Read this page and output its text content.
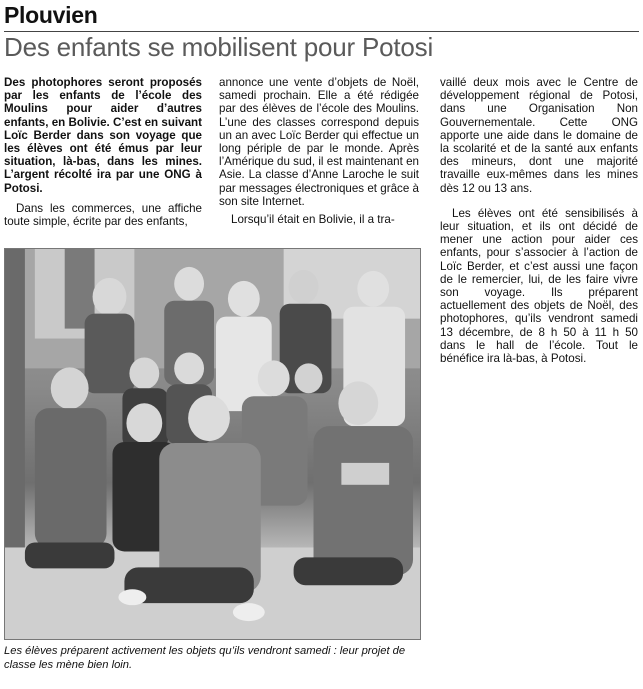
Plouvien
Des enfants se mobilisent pour Potosi

Des photophores seront proposés par les enfants de l’école des Moulins pour aider d’autres enfants, en Bolivie. C’est en suivant Loïc Berder dans son voyage que les élèves ont été émus par leur situation, là-bas, dans les mines. L’argent récolté ira par une ONG à Potosi.

Dans les commerces, une affiche toute simple, écrite par des enfants,

annonce une vente d’objets de Noël, samedi prochain. Elle a été rédigée par des élèves de l’école des Moulins. L’une des classes correspond depuis un an avec Loïc Berder qui effectue un long périple de par le monde. Après l’Amérique du sud, il est maintenant en Asie. La classe d’Anne Laroche le suit par messages électroniques et grâce à son site Internet.

Lorsqu’il était en Bolivie, il a tra-

vaillé deux mois avec le Centre de développement régional de Potosi, dans une Organisation Non Gouvernementale. Cette ONG apporte une aide dans le domaine de la scolarité et de la santé aux enfants des mineurs, dont une majorité travaille eux-mêmes dans les mines dès 12 ou 13 ans.

Les élèves ont été sensibilisés à leur situation, et ils ont décidé de mener une action pour aider ces enfants, pour s’associer à l’action de Loïc Berder, et c’est aussi une façon de le remercier, lui, de les faire vivre son voyage. Ils préparent actuellement des objets de Noël, des photophores, qu’ils vendront samedi 13 décembre, de 8 h 50 à 11 h 50 dans le hall de l’école. Tout le bénéfice ira là-bas, à Potosi.

Les élèves préparent activement les objets qu’ils vendront samedi : leur projet de classe les mène bien loin.
